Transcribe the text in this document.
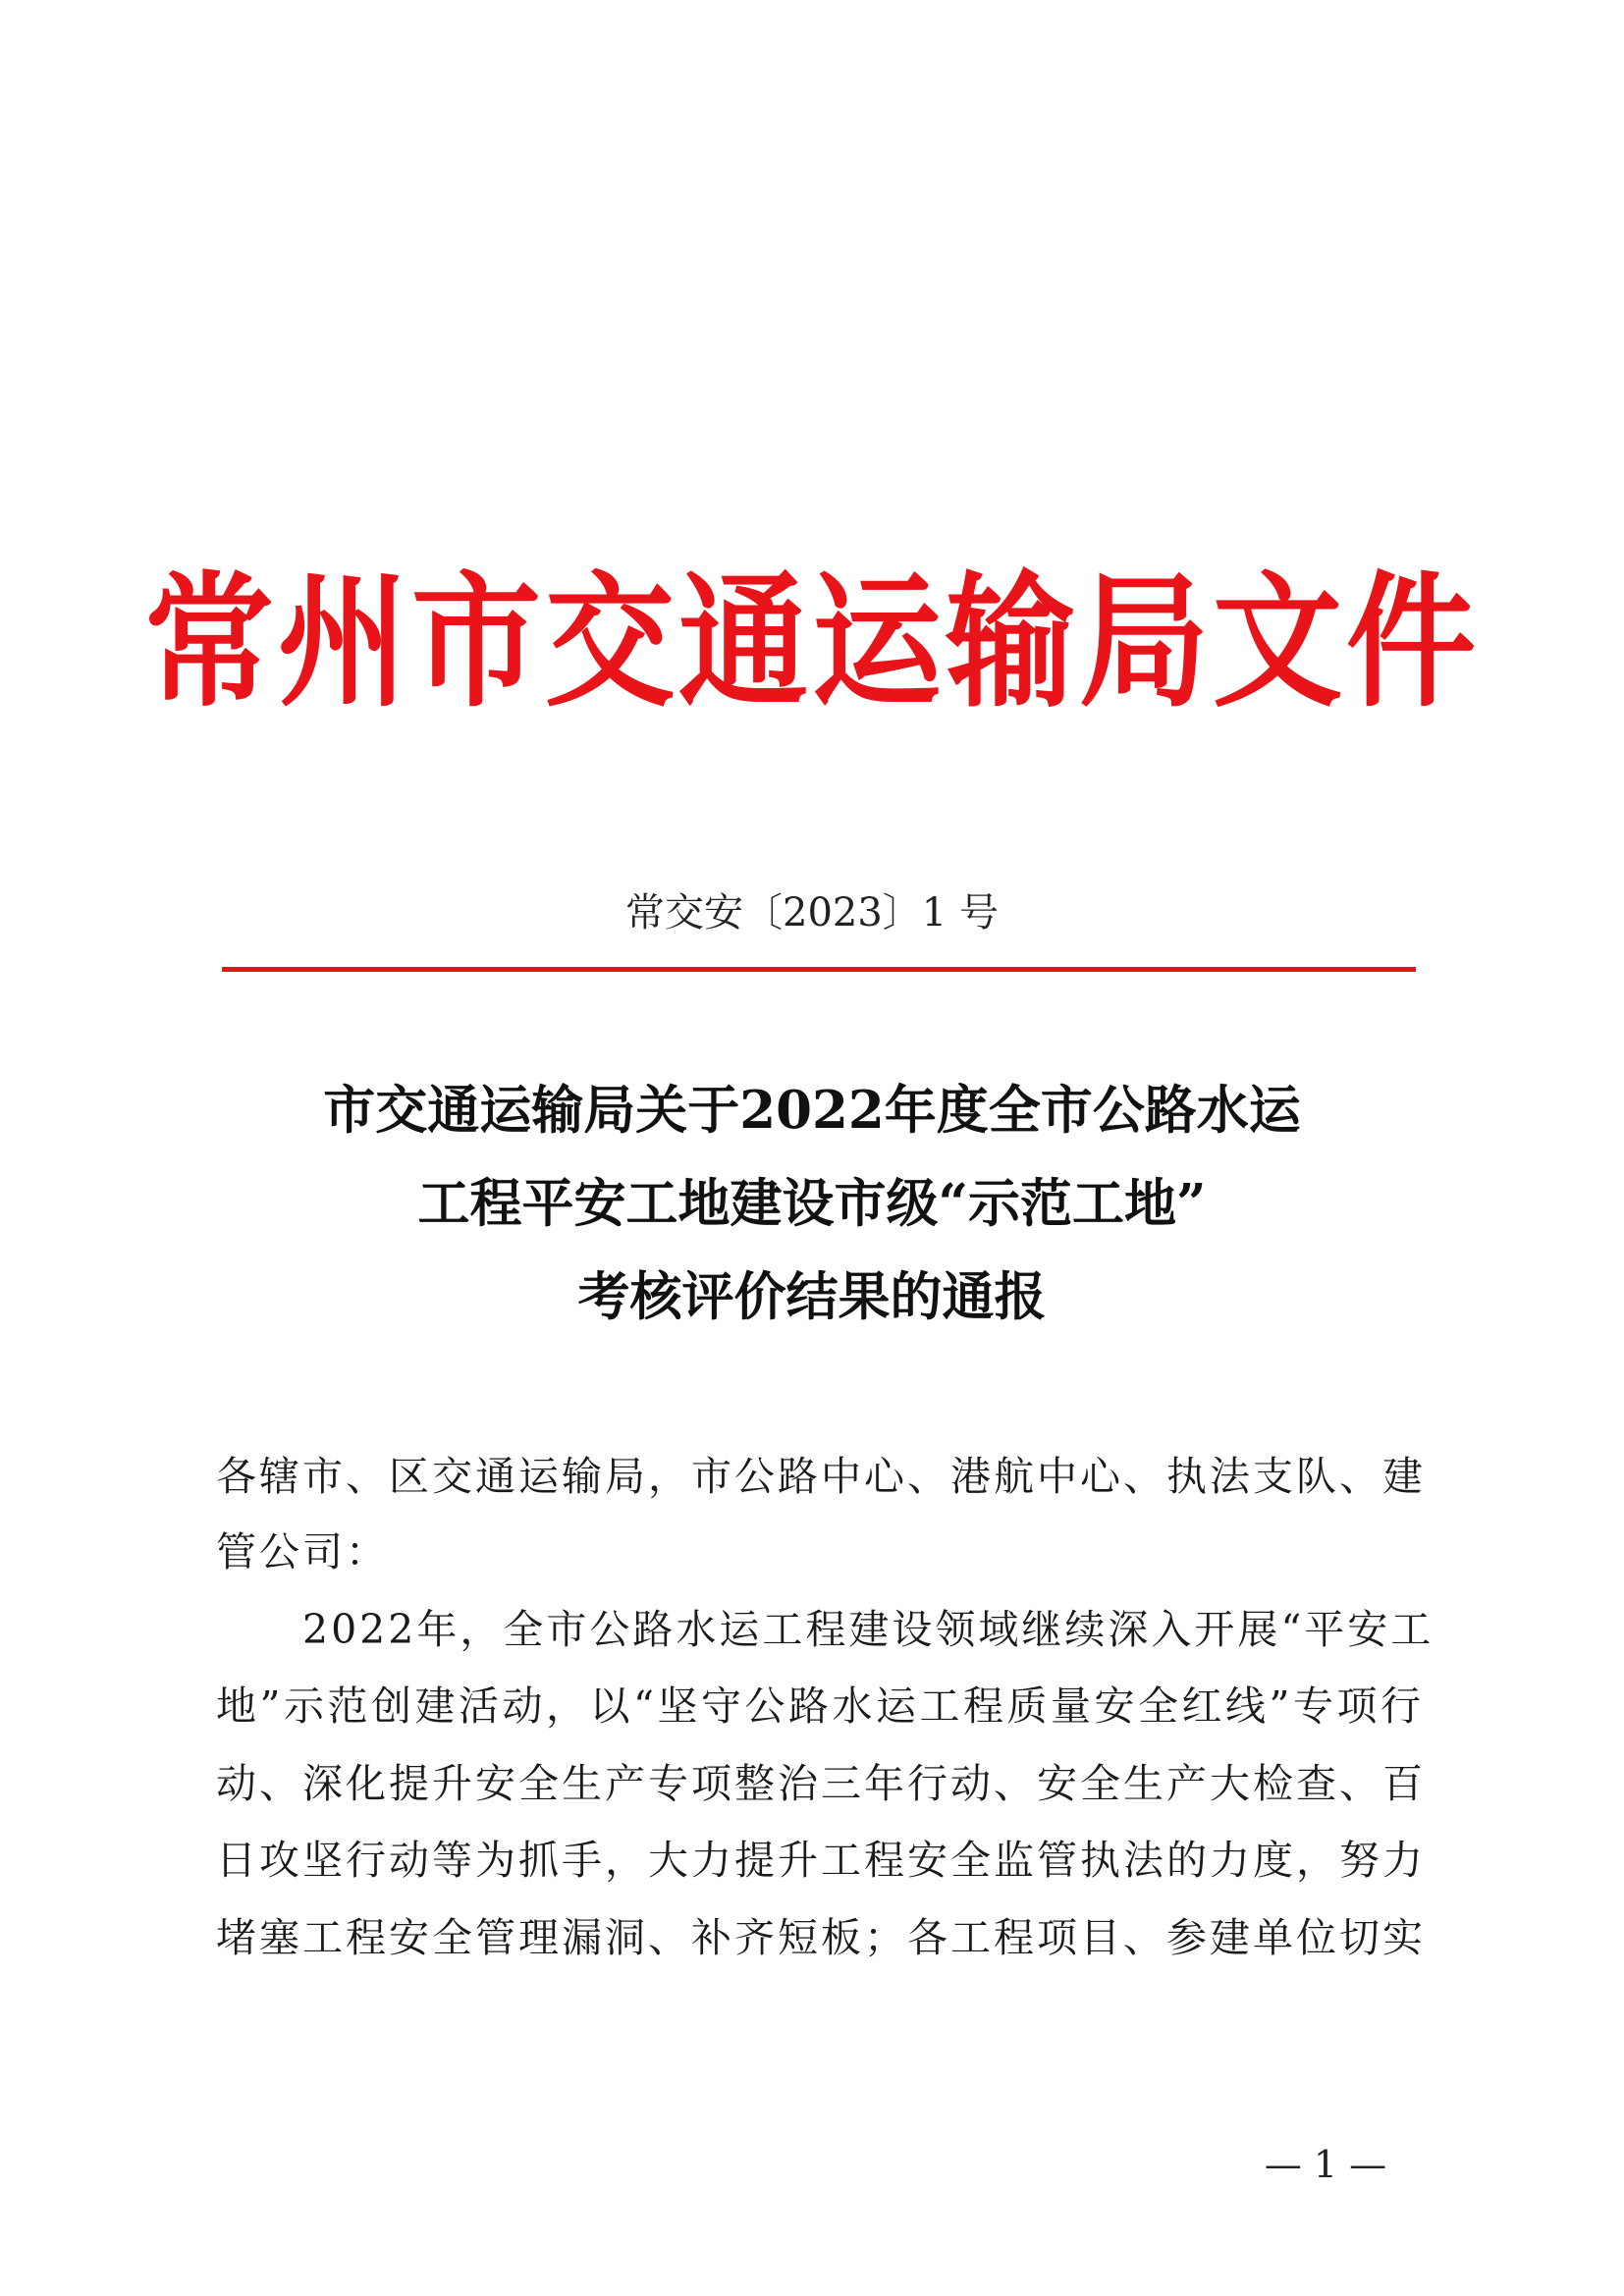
常州市交通运输局文件
常交安〔2023〕1 号
市交通运输局关于2022年度全市公路水运
工程平安工地建设市级“示范工地”
考核评价结果的通报
各辖市、区交通运输局，市公路中心、港航中心、执法支队、建
管公司：
2022年，全市公路水运工程建设领域继续深入开展“平安工
地”示范创建活动，以“坚守公路水运工程质量安全红线”专项行
动、深化提升安全生产专项整治三年行动、安全生产大检查、百
日攻坚行动等为抓手，大力提升工程安全监管执法的力度，努力
堵塞工程安全管理漏洞、补齐短板；各工程项目、参建单位切实
— 1 —
